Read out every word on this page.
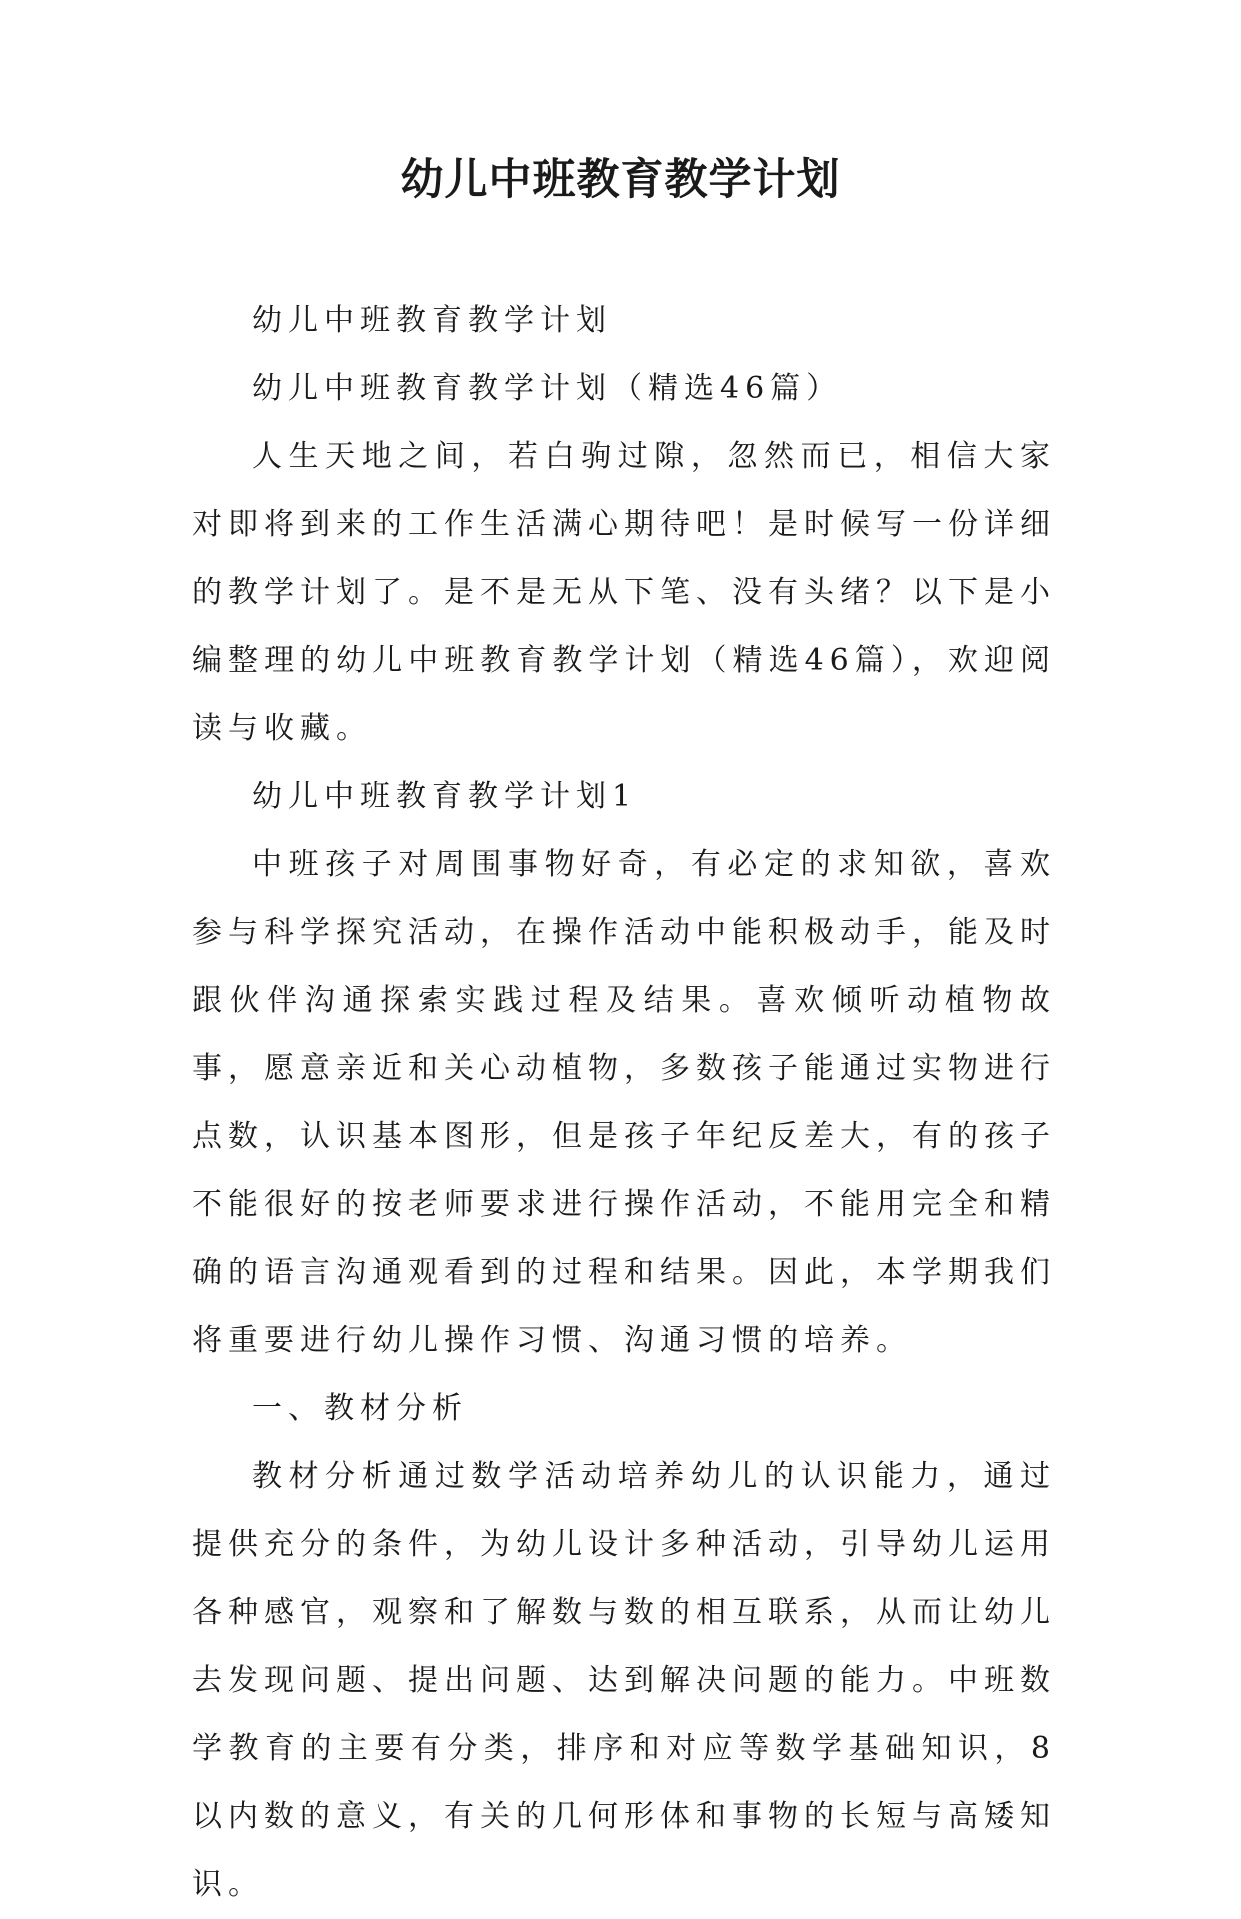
幼儿中班教育教学计划

幼儿中班教育教学计划

幼儿中班教育教学计划（精选46篇）

人生天地之间，若白驹过隙，忽然而已，相信大家对即将到来的工作生活满心期待吧！是时候写一份详细的教学计划了。是不是无从下笔、没有头绪？以下是小编整理的幼儿中班教育教学计划（精选46篇），欢迎阅读与收藏。

幼儿中班教育教学计划1

中班孩子对周围事物好奇，有必定的求知欲，喜欢参与科学探究活动，在操作活动中能积极动手，能及时跟伙伴沟通探索实践过程及结果。喜欢倾听动植物故事，愿意亲近和关心动植物，多数孩子能通过实物进行点数，认识基本图形，但是孩子年纪反差大，有的孩子不能很好的按老师要求进行操作活动，不能用完全和精确的语言沟通观看到的过程和结果。因此，本学期我们将重要进行幼儿操作习惯、沟通习惯的培养。

一、教材分析

教材分析通过数学活动培养幼儿的认识能力，通过提供充分的条件，为幼儿设计多种活动，引导幼儿运用各种感官，观察和了解数与数的相互联系，从而让幼儿去发现问题、提出问题、达到解决问题的能力。中班数学教育的主要有分类，排序和对应等数学基础知识，8以内数的意义，有关的几何形体和事物的长短与高矮知识。
